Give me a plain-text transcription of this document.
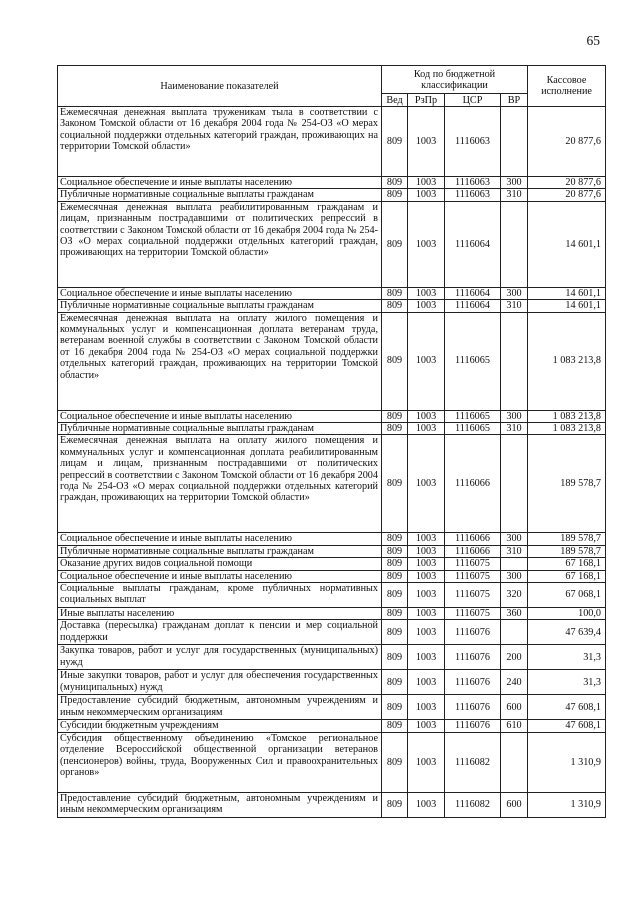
65
Наименование показателей	Код по бюджетной классификации				Кассовое исполнение
	Вед	РзПр	ЦСР	ВР	
Ежемесячная денежная выплата труженикам тыла в соответствии с Законом Томской области от 16 декабря 2004 года № 254-ОЗ «О мерах социальной поддержки отдельных категорий граждан, проживающих на территории Томской области»	809	1003	1116063		20 877,6
Социальное обеспечение и иные выплаты населению	809	1003	1116063	300	20 877,6
Публичные нормативные социальные выплаты гражданам	809	1003	1116063	310	20 877,6
Ежемесячная денежная выплата реабилитированным гражданам и лицам, признанным пострадавшими от политических репрессий в соответствии с Законом Томской области от 16 декабря 2004 года № 254-ОЗ «О мерах социальной поддержки отдельных категорий граждан, проживающих на территории Томской области»	809	1003	1116064		14 601,1
Социальное обеспечение и иные выплаты населению	809	1003	1116064	300	14 601,1
Публичные нормативные социальные выплаты гражданам	809	1003	1116064	310	14 601,1
Ежемесячная денежная выплата на оплату жилого помещения и коммунальных услуг и компенсационная доплата ветеранам труда, ветеранам военной службы в соответствии с Законом Томской области от 16 декабря 2004 года № 254-ОЗ «О мерах социальной поддержки отдельных категорий граждан, проживающих на территории Томской области»	809	1003	1116065		1 083 213,8
Социальное обеспечение и иные выплаты населению	809	1003	1116065	300	1 083 213,8
Публичные нормативные социальные выплаты гражданам	809	1003	1116065	310	1 083 213,8
Ежемесячная денежная выплата на оплату жилого помещения и коммунальных услуг и компенсационная доплата реабилитированным лицам и лицам, признанным пострадавшими от политических репрессий в соответствии с Законом Томской области от 16 декабря 2004 года № 254-ОЗ «О мерах социальной поддержки отдельных категорий граждан, проживающих на территории Томской области»	809	1003	1116066		189 578,7
Социальное обеспечение и иные выплаты населению	809	1003	1116066	300	189 578,7
Публичные нормативные социальные выплаты гражданам	809	1003	1116066	310	189 578,7
Оказание других видов социальной помощи	809	1003	1116075		67 168,1
Социальное обеспечение и иные выплаты населению	809	1003	1116075	300	67 168,1
Социальные выплаты гражданам, кроме публичных нормативных социальных выплат	809	1003	1116075	320	67 068,1
Иные выплаты населению	809	1003	1116075	360	100,0
Доставка (пересылка) гражданам доплат к пенсии и мер социальной поддержки	809	1003	1116076		47 639,4
Закупка товаров, работ и услуг для государственных (муниципальных) нужд	809	1003	1116076	200	31,3
Иные закупки товаров, работ и услуг для обеспечения государственных (муниципальных) нужд	809	1003	1116076	240	31,3
Предоставление субсидий бюджетным, автономным учреждениям и иным некоммерческим организациям	809	1003	1116076	600	47 608,1
Субсидии бюджетным учреждениям	809	1003	1116076	610	47 608,1
Субсидия общественному объединению «Томское региональное отделение Всероссийской общественной организации ветеранов (пенсионеров) войны, труда, Вооруженных Сил и правоохранительных органов»	809	1003	1116082		1 310,9
Предоставление субсидий бюджетным, автономным учреждениям и иным некоммерческим организациям	809	1003	1116082	600	1 310,9
